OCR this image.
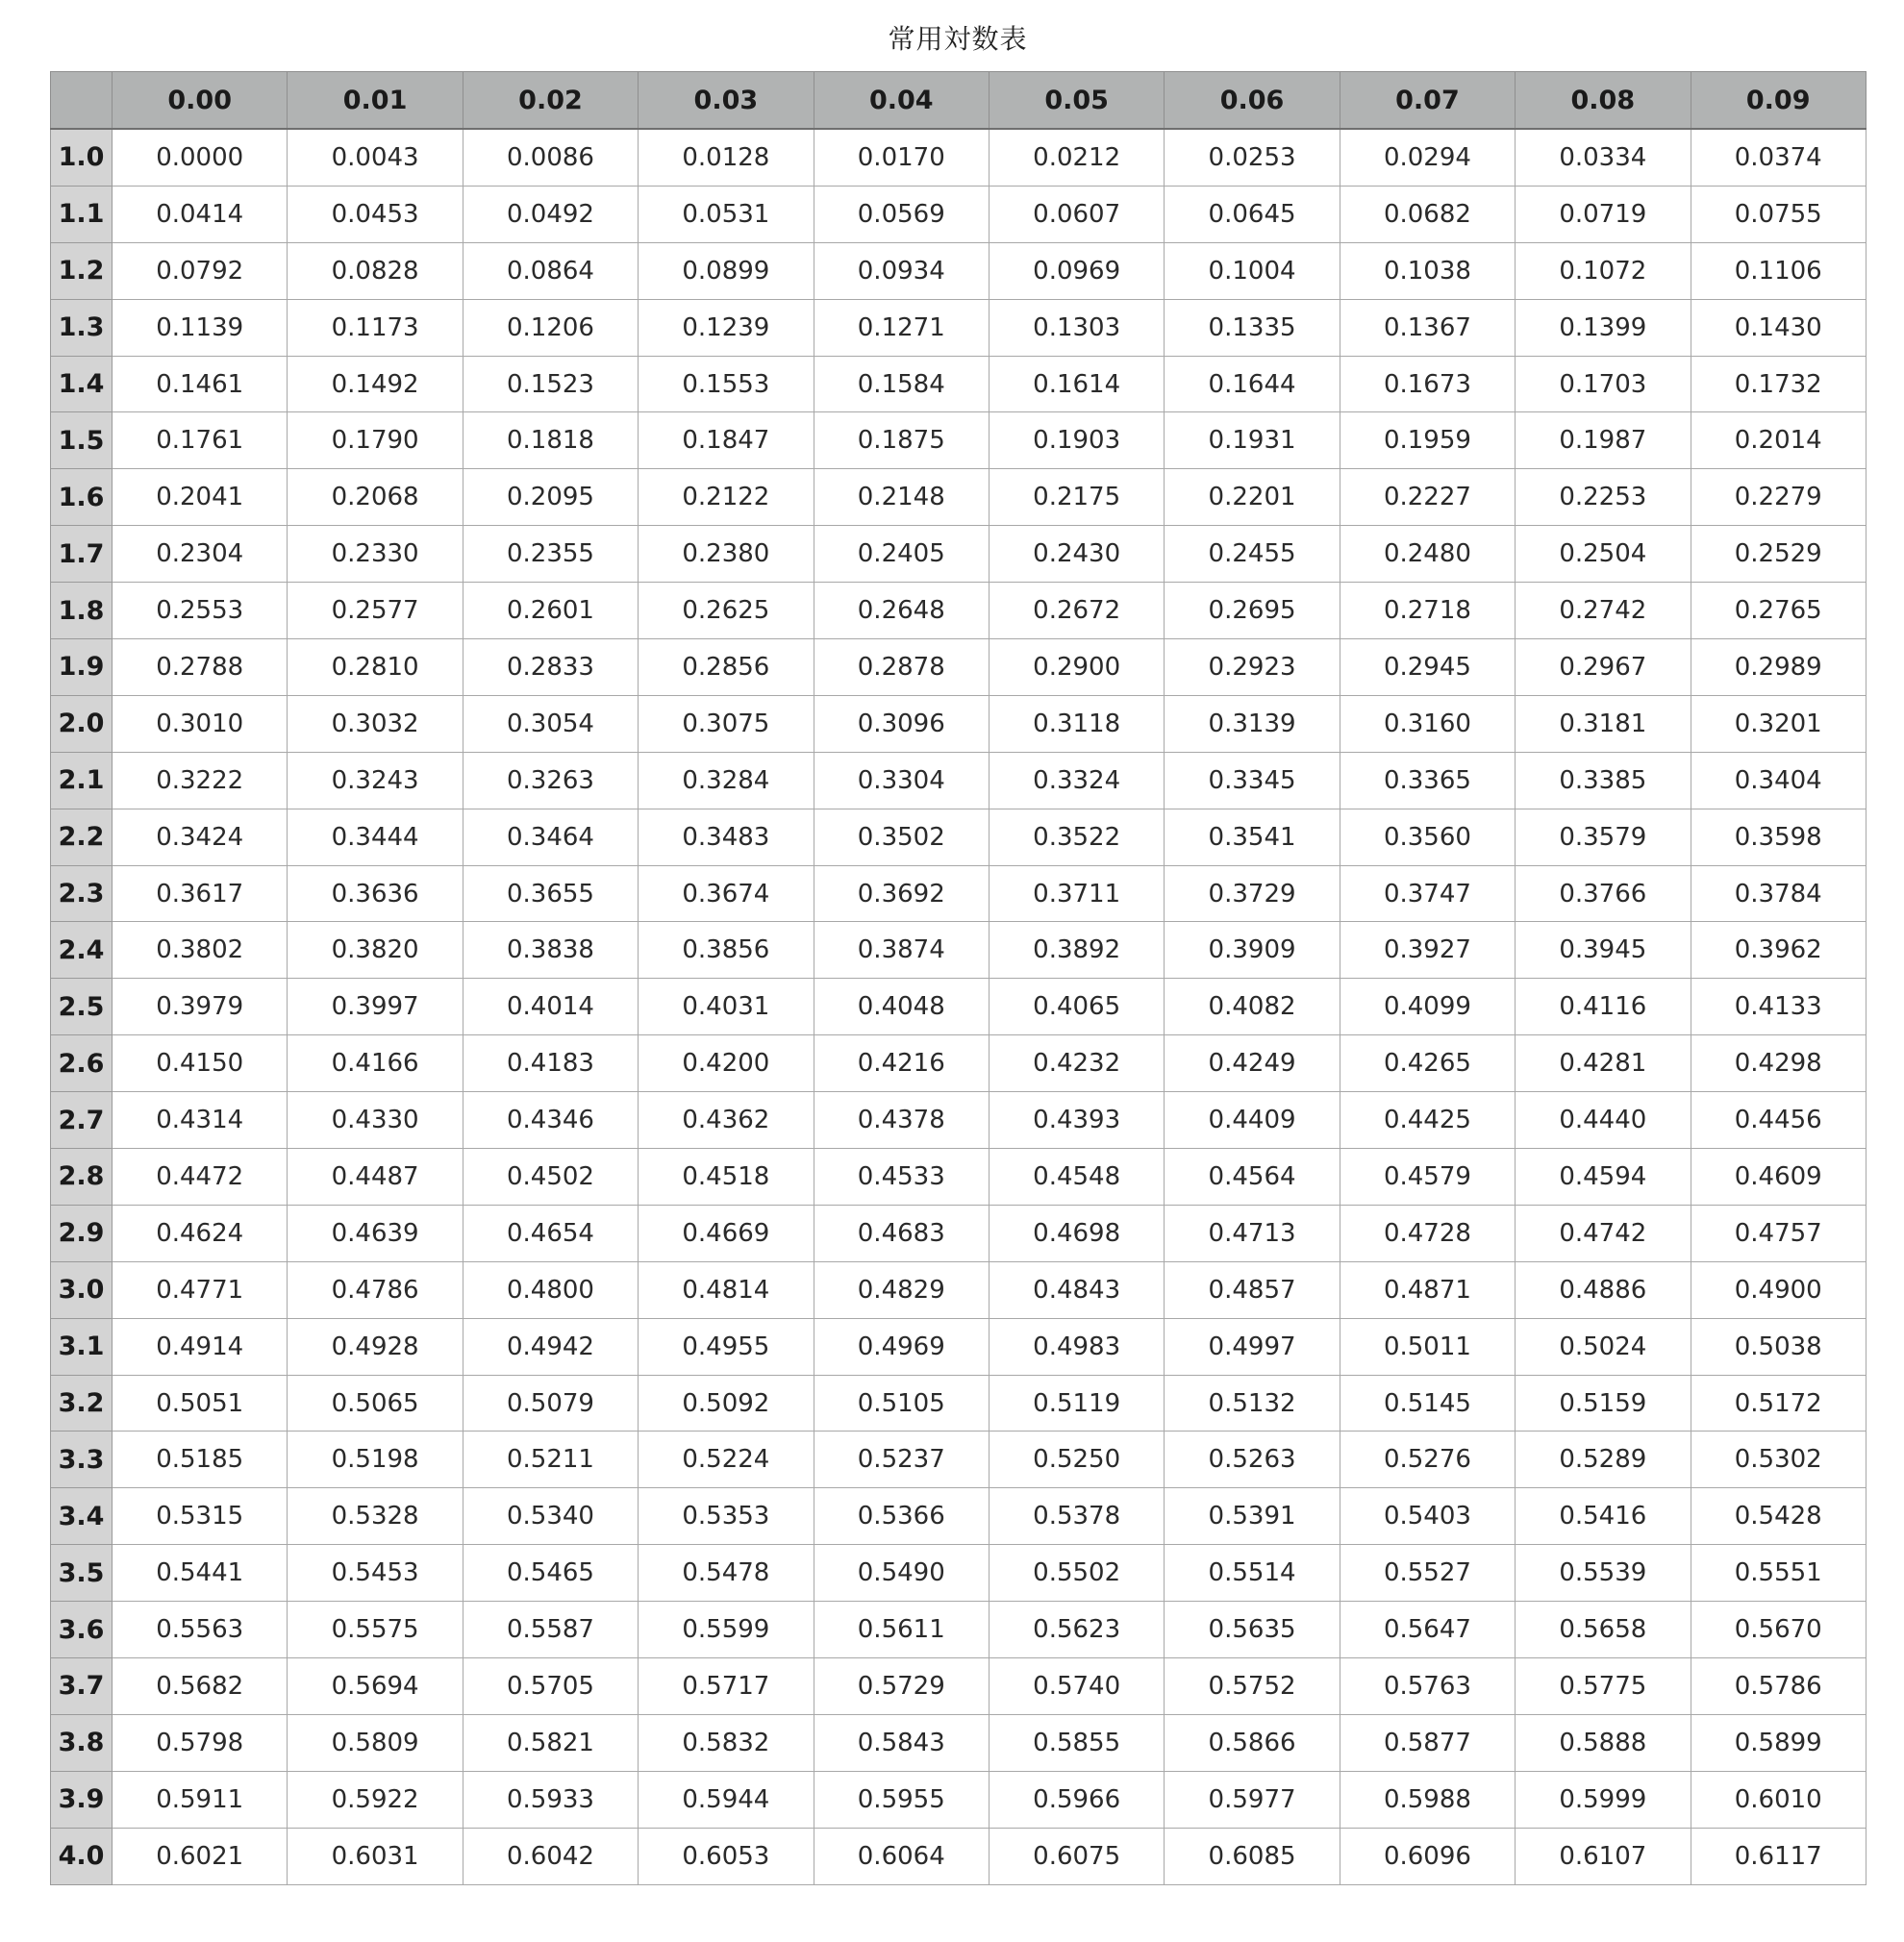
常用対数表
	0.00	0.01	0.02	0.03	0.04	0.05	0.06	0.07	0.08	0.09
1.0	0.0000	0.0043	0.0086	0.0128	0.0170	0.0212	0.0253	0.0294	0.0334	0.0374
1.1	0.0414	0.0453	0.0492	0.0531	0.0569	0.0607	0.0645	0.0682	0.0719	0.0755
1.2	0.0792	0.0828	0.0864	0.0899	0.0934	0.0969	0.1004	0.1038	0.1072	0.1106
1.3	0.1139	0.1173	0.1206	0.1239	0.1271	0.1303	0.1335	0.1367	0.1399	0.1430
1.4	0.1461	0.1492	0.1523	0.1553	0.1584	0.1614	0.1644	0.1673	0.1703	0.1732
1.5	0.1761	0.1790	0.1818	0.1847	0.1875	0.1903	0.1931	0.1959	0.1987	0.2014
1.6	0.2041	0.2068	0.2095	0.2122	0.2148	0.2175	0.2201	0.2227	0.2253	0.2279
1.7	0.2304	0.2330	0.2355	0.2380	0.2405	0.2430	0.2455	0.2480	0.2504	0.2529
1.8	0.2553	0.2577	0.2601	0.2625	0.2648	0.2672	0.2695	0.2718	0.2742	0.2765
1.9	0.2788	0.2810	0.2833	0.2856	0.2878	0.2900	0.2923	0.2945	0.2967	0.2989
2.0	0.3010	0.3032	0.3054	0.3075	0.3096	0.3118	0.3139	0.3160	0.3181	0.3201
2.1	0.3222	0.3243	0.3263	0.3284	0.3304	0.3324	0.3345	0.3365	0.3385	0.3404
2.2	0.3424	0.3444	0.3464	0.3483	0.3502	0.3522	0.3541	0.3560	0.3579	0.3598
2.3	0.3617	0.3636	0.3655	0.3674	0.3692	0.3711	0.3729	0.3747	0.3766	0.3784
2.4	0.3802	0.3820	0.3838	0.3856	0.3874	0.3892	0.3909	0.3927	0.3945	0.3962
2.5	0.3979	0.3997	0.4014	0.4031	0.4048	0.4065	0.4082	0.4099	0.4116	0.4133
2.6	0.4150	0.4166	0.4183	0.4200	0.4216	0.4232	0.4249	0.4265	0.4281	0.4298
2.7	0.4314	0.4330	0.4346	0.4362	0.4378	0.4393	0.4409	0.4425	0.4440	0.4456
2.8	0.4472	0.4487	0.4502	0.4518	0.4533	0.4548	0.4564	0.4579	0.4594	0.4609
2.9	0.4624	0.4639	0.4654	0.4669	0.4683	0.4698	0.4713	0.4728	0.4742	0.4757
3.0	0.4771	0.4786	0.4800	0.4814	0.4829	0.4843	0.4857	0.4871	0.4886	0.4900
3.1	0.4914	0.4928	0.4942	0.4955	0.4969	0.4983	0.4997	0.5011	0.5024	0.5038
3.2	0.5051	0.5065	0.5079	0.5092	0.5105	0.5119	0.5132	0.5145	0.5159	0.5172
3.3	0.5185	0.5198	0.5211	0.5224	0.5237	0.5250	0.5263	0.5276	0.5289	0.5302
3.4	0.5315	0.5328	0.5340	0.5353	0.5366	0.5378	0.5391	0.5403	0.5416	0.5428
3.5	0.5441	0.5453	0.5465	0.5478	0.5490	0.5502	0.5514	0.5527	0.5539	0.5551
3.6	0.5563	0.5575	0.5587	0.5599	0.5611	0.5623	0.5635	0.5647	0.5658	0.5670
3.7	0.5682	0.5694	0.5705	0.5717	0.5729	0.5740	0.5752	0.5763	0.5775	0.5786
3.8	0.5798	0.5809	0.5821	0.5832	0.5843	0.5855	0.5866	0.5877	0.5888	0.5899
3.9	0.5911	0.5922	0.5933	0.5944	0.5955	0.5966	0.5977	0.5988	0.5999	0.6010
4.0	0.6021	0.6031	0.6042	0.6053	0.6064	0.6075	0.6085	0.6096	0.6107	0.6117
